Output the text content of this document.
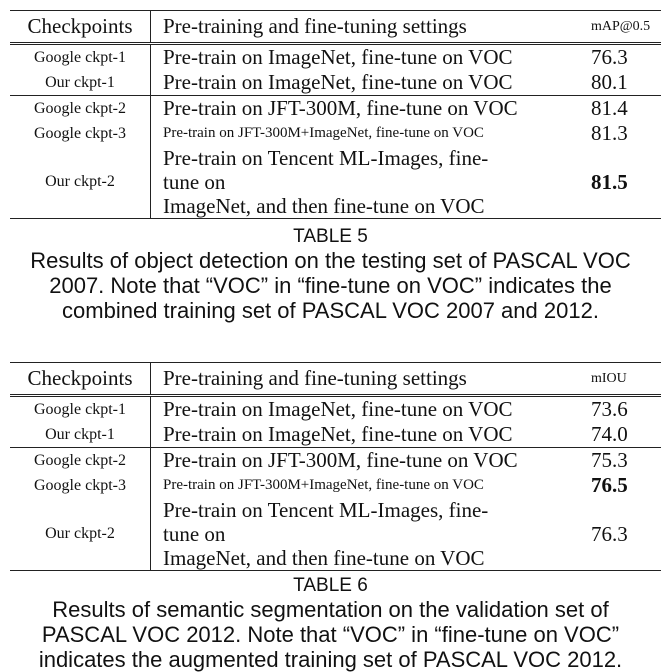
Checkpoints	Pre-training and fine-tuning settings	mAP@0.5
Google ckpt-1	Pre-train on ImageNet, fine-tune on VOC	76.3
Our ckpt-1	Pre-train on ImageNet, fine-tune on VOC	80.1
Google ckpt-2	Pre-train on JFT-300M, fine-tune on VOC	81.4
Google ckpt-3	Pre-train on JFT-300M+ImageNet, fine-tune on VOC	81.3
Our ckpt-2	Pre-train on Tencent ML-Images, fine-
tune on
ImageNet, and then fine-tune on VOC	81.5
TABLE 5
Results of object detection on the testing set of PASCAL VOC
2007. Note that “VOC” in “fine-tune on VOC” indicates the
combined training set of PASCAL VOC 2007 and 2012.
Checkpoints	Pre-training and fine-tuning settings	mIOU
Google ckpt-1	Pre-train on ImageNet, fine-tune on VOC	73.6
Our ckpt-1	Pre-train on ImageNet, fine-tune on VOC	74.0
Google ckpt-2	Pre-train on JFT-300M, fine-tune on VOC	75.3
Google ckpt-3	Pre-train on JFT-300M+ImageNet, fine-tune on VOC	76.5
Our ckpt-2	Pre-train on Tencent ML-Images, fine-
tune on
ImageNet, and then fine-tune on VOC	76.3
TABLE 6
Results of semantic segmentation on the validation set of
PASCAL VOC 2012. Note that “VOC” in “fine-tune on VOC”
indicates the augmented training set of PASCAL VOC 2012.
